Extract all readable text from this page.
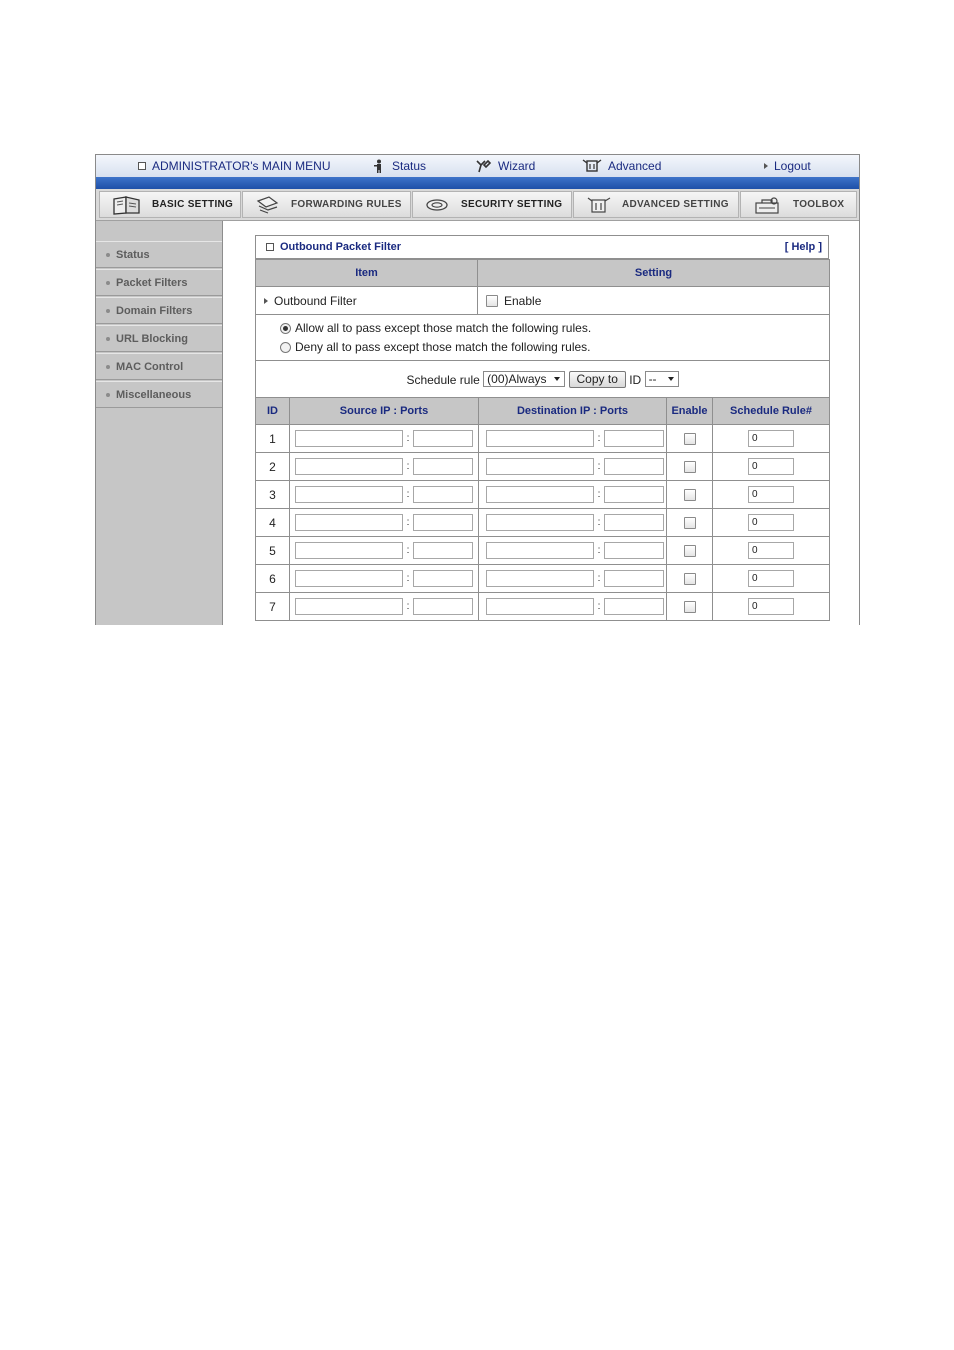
ADMINISTRATOR's MAIN MENU	Status	Wizard	Advanced	Logout
BASIC SETTING	FORWARDING RULES	SECURITY SETTING	ADVANCED SETTING	TOOLBOX
Status
Packet Filters
Domain Filters
URL Blocking
MAC Control
Miscellaneous
Outbound Packet Filter	[ Help ]
Item	Setting
Outbound Filter	Enable

Allow all to pass except those match the following rules.
Deny all to pass except those match the following rules.	

Schedule rule (00)Always Copy to ID --	
ID	Source IP : Ports	Destination IP : Ports	Enable	Schedule Rule#
1	:	:		0
2	:	:		0
3	:	:		0
4	:	:		0
5	:	:		0
6	:	:		0
7	:	:		0
